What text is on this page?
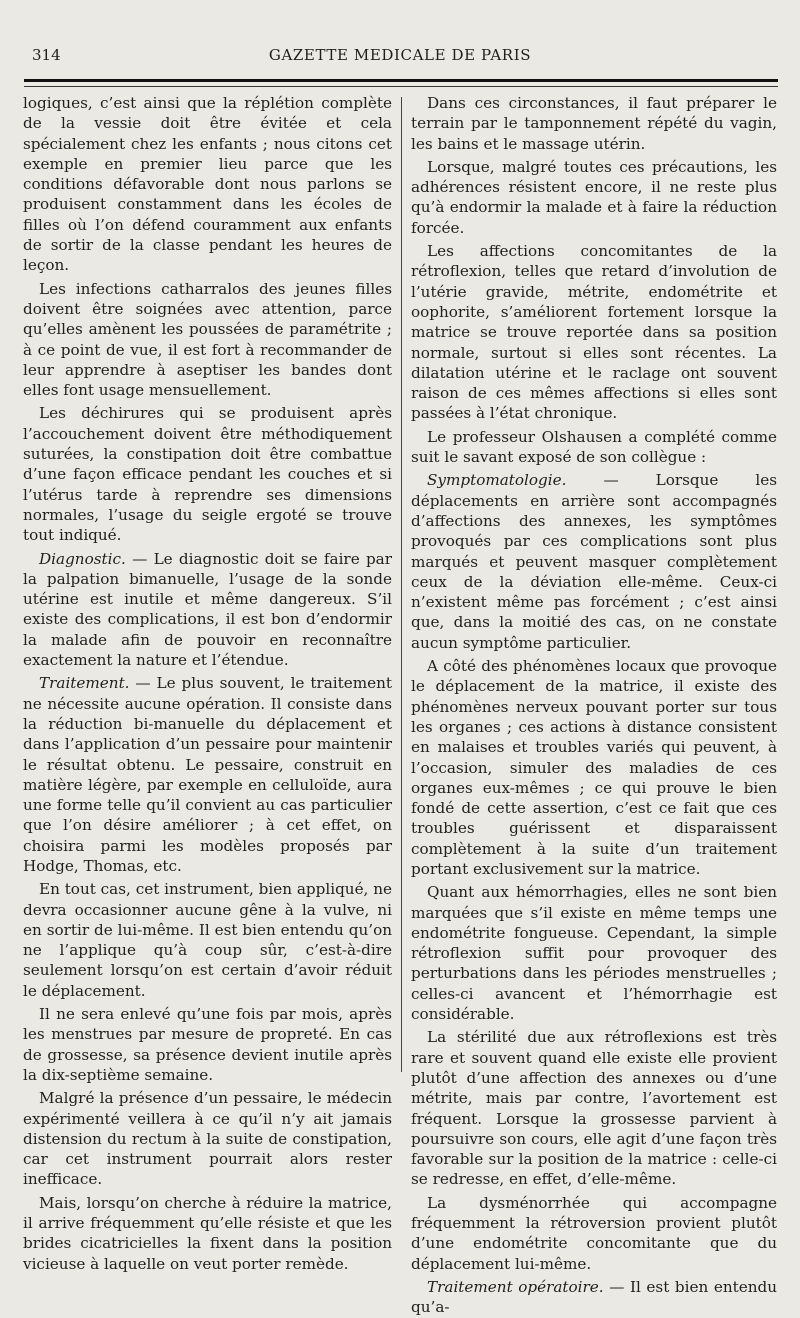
314	GAZETTE MEDICALE DE PARIS

logiques, c’est ainsi que la réplétion complète de la vessie doit être évitée et cela spécialement chez les enfants ; nous citons cet exemple en premier lieu parce que les conditions défavorable dont nous parlons se produisent constamment dans les écoles de filles où l’on défend couramment aux enfants de sortir de la classe pendant les heures de leçon.

Les infections catharralos des jeunes filles doivent être soignées avec attention, parce qu’elles amènent les poussées de paramétrite ; à ce point de vue, il est fort à recommander de leur apprendre à aseptiser les bandes dont elles font usage mensuellement.

Les déchirures qui se produisent après l’accouchement doivent être méthodiquement suturées, la constipation doit être combattue d’une façon efficace pendant les couches et si l’utérus tarde à reprendre ses dimensions normales, l’usage du seigle ergoté se trouve tout indiqué.

Diagnostic. — Le diagnostic doit se faire par la palpation bimanuelle, l’usage de la sonde utérine est inutile et même dangereux. S’il existe des complications, il est bon d’endormir la malade afin de pouvoir en reconnaître exactement la nature et l’étendue.

Traitement. — Le plus souvent, le traitement ne nécessite aucune opération. Il consiste dans la réduction bi-manuelle du déplacement et dans l’application d’un pessaire pour maintenir le résultat obtenu. Le pessaire, construit en matière légère, par exemple en celluloïde, aura une forme telle qu’il convient au cas particulier que l’on désire améliorer ; à cet effet, on choisira parmi les modèles proposés par Hodge, Thomas, etc.

En tout cas, cet instrument, bien appliqué, ne devra occasionner aucune gêne à la vulve, ni en sortir de lui-même. Il est bien entendu qu’on ne l’applique qu’à coup sûr, c’est-à-dire seulement lorsqu’on est certain d’avoir réduit le déplacement.

Il ne sera enlevé qu’une fois par mois, après les menstrues par mesure de propreté. En cas de grossesse, sa présence devient inutile après la dix-septième semaine.

Malgré la présence d’un pessaire, le médecin expérimenté veillera à ce qu’il n’y ait jamais distension du rectum à la suite de constipation, car cet instrument pourrait alors rester inefficace.

Mais, lorsqu’on cherche à réduire la matrice, il arrive fréquemment qu’elle résiste et que les brides cicatricielles la fixent dans la position vicieuse à laquelle on veut porter remède.

Dans ces circonstances, il faut préparer le terrain par le tamponnement répété du vagin, les bains et le massage utérin.

Lorsque, malgré toutes ces précautions, les adhérences résistent encore, il ne reste plus qu’à endormir la malade et à faire la réduction forcée.

Les affections concomitantes de la rétroflexion, telles que retard d’involution de l’utérie gravide, métrite, endométrite et oophorite, s’améliorent fortement lorsque la matrice se trouve reportée dans sa position normale, surtout si elles sont récentes. La dilatation utérine et le raclage ont souvent raison de ces mêmes affections si elles sont passées à l’état chronique.

Le professeur Olshausen a complété comme suit le savant exposé de son collègue :

Symptomatologie. — Lorsque les déplacements en arrière sont accompagnés d’affections des annexes, les symptômes provoqués par ces complications sont plus marqués et peuvent masquer complètement ceux de la déviation elle-même. Ceux-ci n’existent même pas forcément ; c’est ainsi que, dans la moitié des cas, on ne constate aucun symptôme particulier.

A côté des phénomènes locaux que provoque le déplacement de la matrice, il existe des phénomènes nerveux pouvant porter sur tous les organes ; ces actions à distance consistent en malaises et troubles variés qui peuvent, à l’occasion, simuler des maladies de ces organes eux-mêmes ; ce qui prouve le bien fondé de cette assertion, c’est ce fait que ces troubles guérissent et disparaissent complètement à la suite d’un traitement portant exclusivement sur la matrice.

Quant aux hémorrhagies, elles ne sont bien marquées que s’il existe en même temps une endométrite fongueuse. Cependant, la simple rétroflexion suffit pour provoquer des perturbations dans les périodes menstruelles ; celles-ci avancent et l’hémorrhagie est considérable.

La stérilité due aux rétroflexions est très rare et souvent quand elle existe elle provient plutôt d’une affection des annexes ou d’une métrite, mais par contre, l’avortement est fréquent. Lorsque la grossesse parvient à poursuivre son cours, elle agit d’une façon très favorable sur la position de la matrice : celle-ci se redresse, en effet, d’elle-même.

La dysménorrhée qui accompagne fréquemment la rétroversion provient plutôt d’une endométrite concomitante que du déplacement lui-même.

Traitement opératoire. — Il est bien entendu qu’a-
